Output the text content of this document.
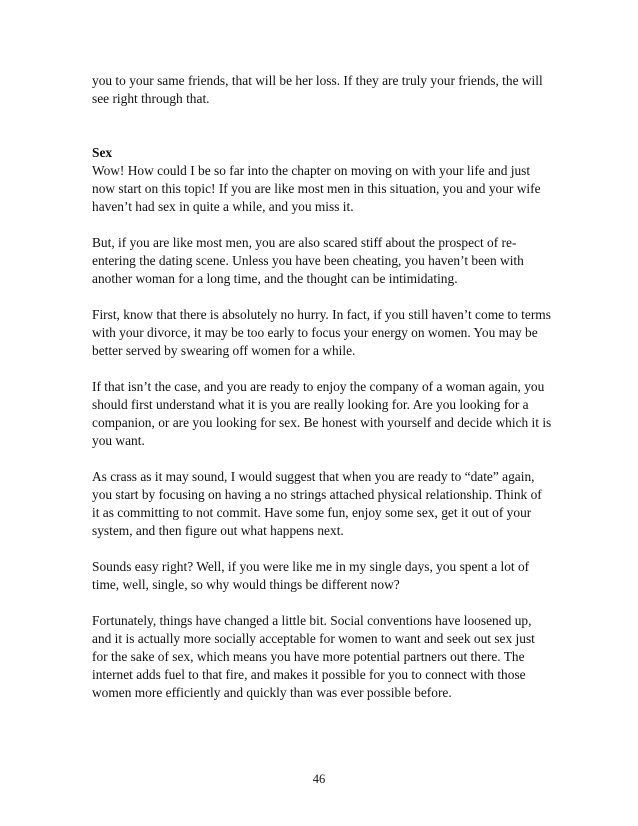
you to your same friends, that will be her loss. If they are truly your friends, the will see right through that.

Sex

Wow! How could I be so far into the chapter on moving on with your life and just now start on this topic! If you are like most men in this situation, you and your wife haven’t had sex in quite a while, and you miss it.

But, if you are like most men, you are also scared stiff about the prospect of re-entering the dating scene. Unless you have been cheating, you haven’t been with another woman for a long time, and the thought can be intimidating.

First, know that there is absolutely no hurry. In fact, if you still haven’t come to terms with your divorce, it may be too early to focus your energy on women. You may be better served by swearing off women for a while.

If that isn’t the case, and you are ready to enjoy the company of a woman again, you should first understand what it is you are really looking for. Are you looking for a companion, or are you looking for sex. Be honest with yourself and decide which it is you want.

As crass as it may sound, I would suggest that when you are ready to “date” again, you start by focusing on having a no strings attached physical relationship. Think of it as committing to not commit. Have some fun, enjoy some sex, get it out of your system, and then figure out what happens next.

Sounds easy right? Well, if you were like me in my single days, you spent a lot of time, well, single, so why would things be different now?

Fortunately, things have changed a little bit. Social conventions have loosened up, and it is actually more socially acceptable for women to want and seek out sex just for the sake of sex, which means you have more potential partners out there. The internet adds fuel to that fire, and makes it possible for you to connect with those women more efficiently and quickly than was ever possible before.

46
